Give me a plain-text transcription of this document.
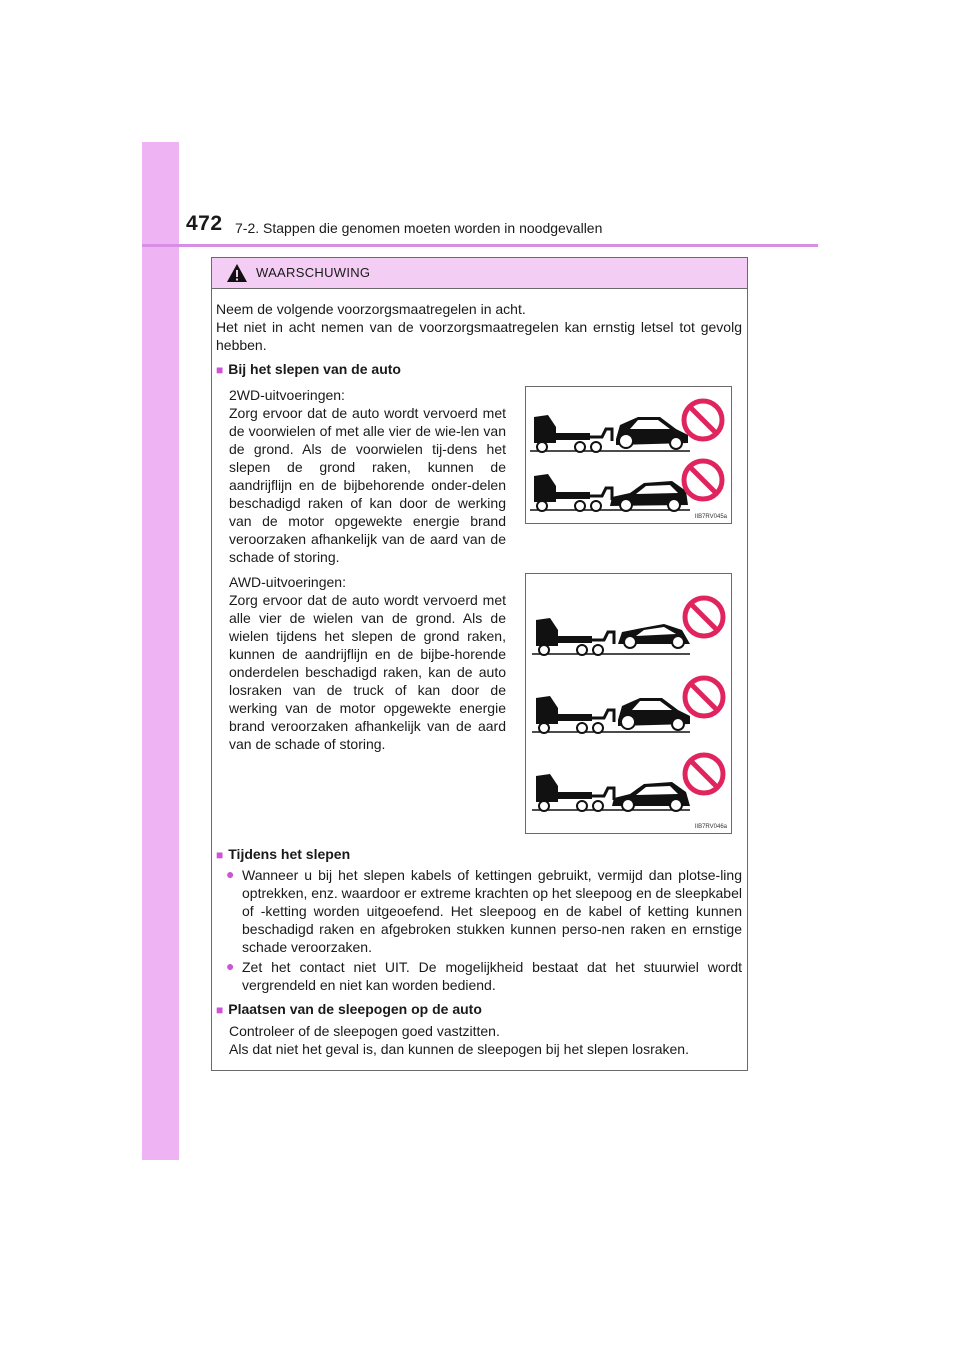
472 7-2. Stappen die genomen moeten worden in noodgevallen
WAARSCHUWING
Neem de volgende voorzorgsmaatregelen in acht.
Het niet in acht nemen van de voorzorgsmaatregelen kan ernstig letsel tot gevolg hebben.
■ Bij het slepen van de auto
2WD-uitvoeringen:
Zorg ervoor dat de auto wordt vervoerd met de voorwielen of met alle vier de wie-len van de grond. Als de voorwielen tij-dens het slepen de grond raken, kunnen de aandrijflijn en de bijbehorende onder-delen beschadigd raken of kan door de werking van de motor opgewekte energie brand veroorzaken afhankelijk van de aard van de schade of storing.
IIB7RV045a
AWD-uitvoeringen:
Zorg ervoor dat de auto wordt vervoerd met alle vier de wielen van de grond. Als de wielen tijdens het slepen de grond raken, kunnen de aandrijflijn en de bijbe-horende onderdelen beschadigd raken, kan de auto losraken van de truck of kan door de werking van de motor opgewekte energie brand veroorzaken afhankelijk van de aard van de schade of storing.
IIB7RV046a
■ Tijdens het slepen
● Wanneer u bij het slepen kabels of kettingen gebruikt, vermijd dan plotse-ling optrekken, enz. waardoor er extreme krachten op het sleepoog en de sleepkabel of -ketting worden uitgeoefend. Het sleepoog en de kabel of ketting kunnen beschadigd raken en afgebroken stukken kunnen perso-nen raken en ernstige schade veroorzaken.
● Zet het contact niet UIT. De mogelijkheid bestaat dat het stuurwiel wordt vergrendeld en niet kan worden bediend.
■ Plaatsen van de sleepogen op de auto
Controleer of de sleepogen goed vastzitten.
Als dat niet het geval is, dan kunnen de sleepogen bij het slepen losraken.
